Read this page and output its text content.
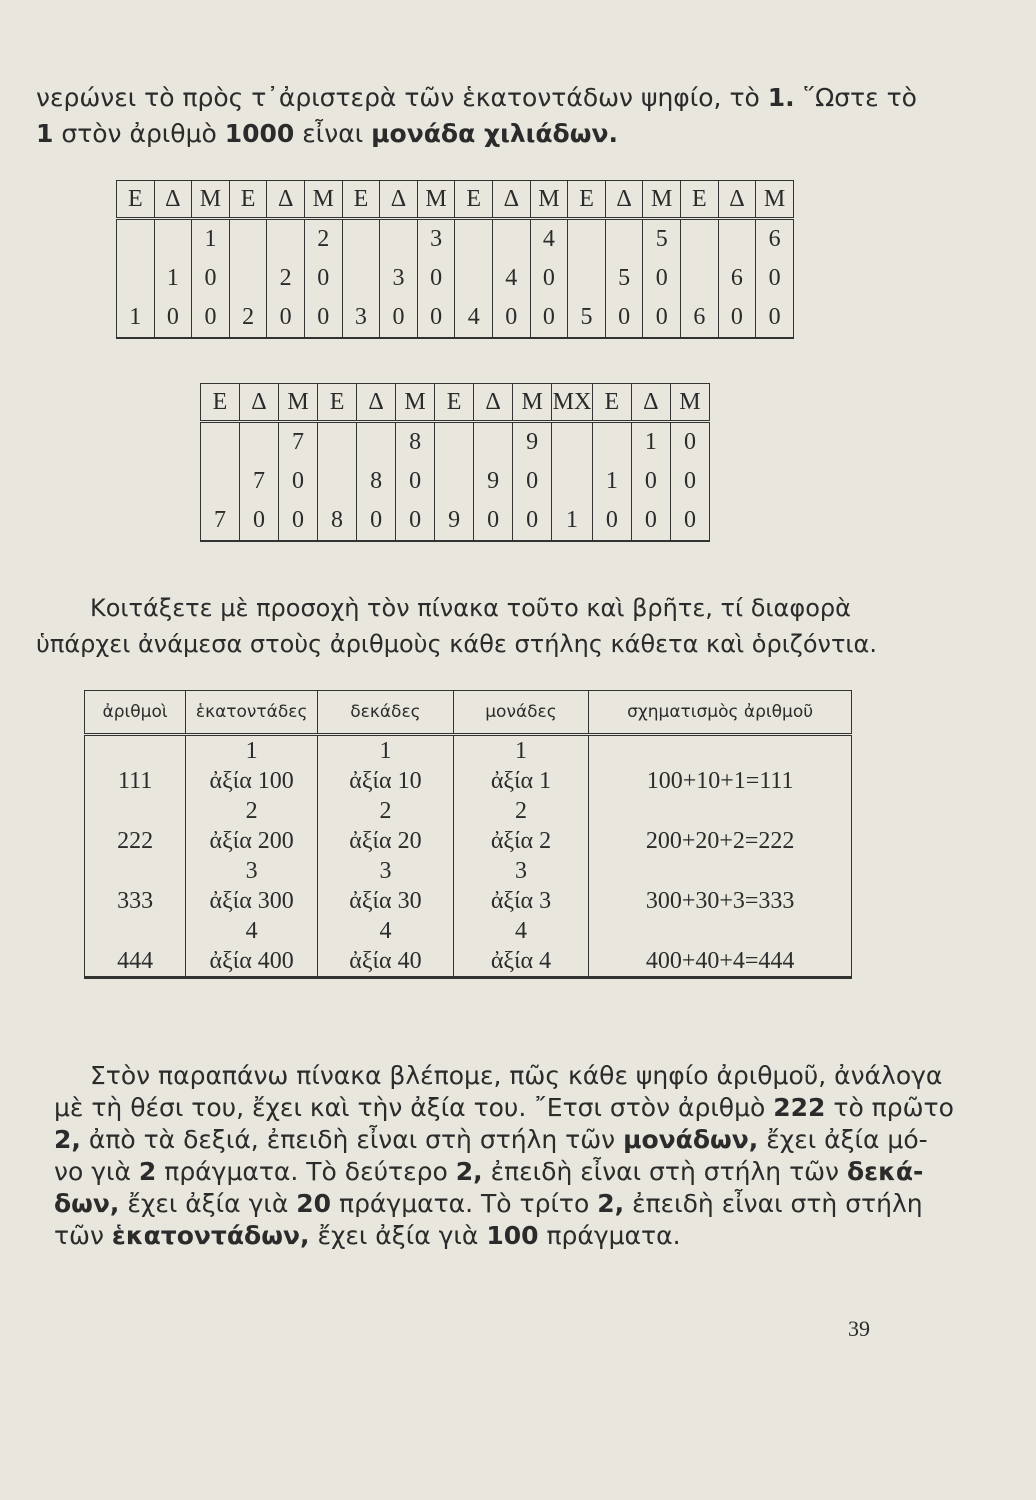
νερώνει τὸ πρὸς τ᾿ἀριστερὰ τῶν ἑκατοντάδων ψηφίο, τὸ 1. ῞Ωστε τὸ
1 στὸν ἀριθμὸ 1000 εἶναι μονάδα χιλιάδων.
Ε	Δ	Μ	Ε	Δ	Μ	Ε	Δ	Μ	Ε	Δ	Μ	Ε	Δ	Μ	Ε	Δ	Μ
		1			2			3			4			5			6
	1	0		2	0		3	0		4	0		5	0		6	0
1	0	0	2	0	0	3	0	0	4	0	0	5	0	0	6	0	0
Ε	Δ	Μ	Ε	Δ	Μ	Ε	Δ	Μ	ΜΧ	Ε	Δ	Μ
		7			8			9			1	0
	7	0		8	0		9	0		1	0	0
7	0	0	8	0	0	9	0	0	1	0	0	0
Κοιτάξετε μὲ προσοχὴ τὸν πίνακα τοῦτο καὶ βρῆτε, τί διαφορὰ
ὑπάρχει ἀνάμεσα στοὺς ἀριθμοὺς κάθε στήλης κάθετα καὶ ὁριζόντια.
ἀριθμοὶ	ἑκατοντάδες	δεκάδες	μονάδες	σχηματισμὸς ἀριθμοῦ
	1	1	1	
111	ἀξία 100	ἀξία 10	ἀξία 1	100+10+1=111
	2	2	2	
222	ἀξία 200	ἀξία 20	ἀξία 2	200+20+2=222
	3	3	3	
333	ἀξία 300	ἀξία 30	ἀξία 3	300+30+3=333
	4	4	4	
444	ἀξία 400	ἀξία 40	ἀξία 4	400+40+4=444
Στὸν παραπάνω πίνακα βλέπομε, πῶς κάθε ψηφίο ἀριθμοῦ, ἀνάλογα
μὲ τὴ θέσι του, ἔχει καὶ τὴν ἀξία του. ῎Ετσι στὸν ἀριθμὸ 222 τὸ πρῶτο
2, ἀπὸ τὰ δεξιά, ἐπειδὴ εἶναι στὴ στήλη τῶν μονάδων, ἔχει ἀξία μό-
νο γιὰ 2 πράγματα. Τὸ δεύτερο 2, ἐπειδὴ εἶναι στὴ στήλη τῶν δεκά-
δων, ἔχει ἀξία γιὰ 20 πράγματα. Τὸ τρίτο 2, ἐπειδὴ εἶναι στὴ στήλη
τῶν ἑκατοντάδων, ἔχει ἀξία γιὰ 100 πράγματα.
39
